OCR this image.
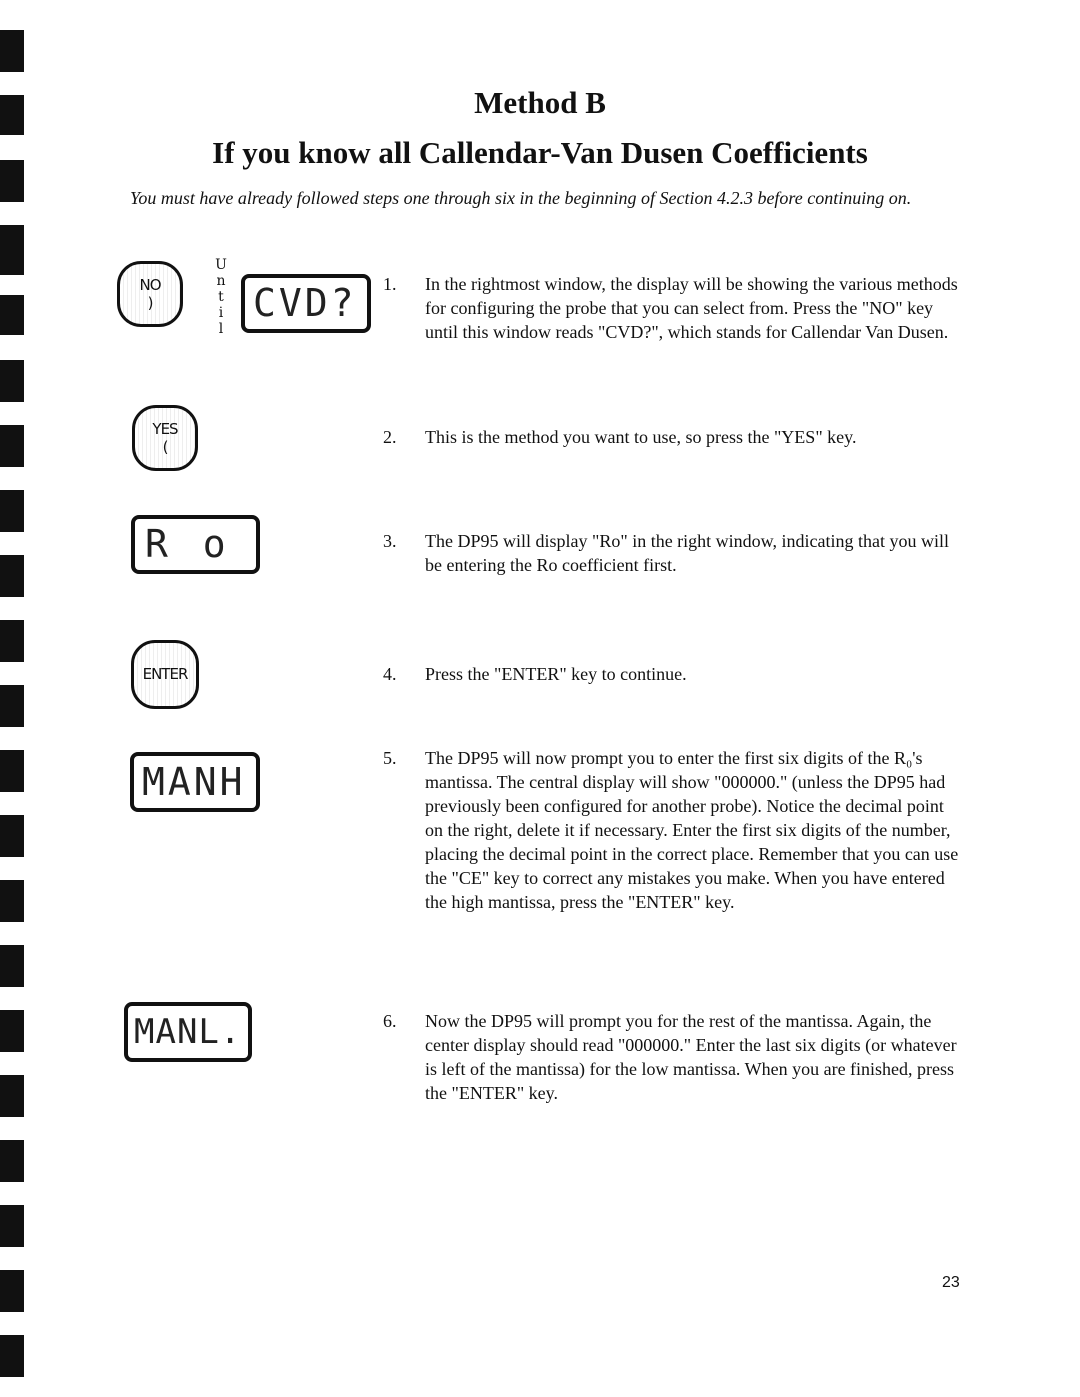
Method B
If you know all Callendar-Van Dusen Coefficients
You must have already followed steps one through six in the beginning of Section 4.2.3 before continuing on.
NO
)
U
n
t
i
l
CVD?
YES
(
R o
ENTER
MANH
MANL.
1. In the rightmost window, the display will be showing the various methods for configuring the probe that you can select from. Press the "NO" key until this window reads "CVD?", which stands for Callendar Van Dusen.
2. This is the method you want to use, so press the "YES" key.
3. The DP95 will display "Ro" in the right window, indicating that you will be entering the Ro coefficient first.
4. Press the "ENTER" key to continue.
5. The DP95 will now prompt you to enter the first six digits of the R₀'s mantissa. The central display will show "000000." (unless the DP95 had previously been configured for another probe). Notice the decimal point on the right, delete it if necessary. Enter the first six digits of the number, placing the decimal point in the correct place. Remember that you can use the "CE" key to correct any mistakes you make. When you have entered the high mantissa, press the "ENTER" key.
6. Now the DP95 will prompt you for the rest of the mantissa. Again, the center display should read "000000." Enter the last six digits (or whatever is left of the mantissa) for the low mantissa. When you are finished, press the "ENTER" key.
23
